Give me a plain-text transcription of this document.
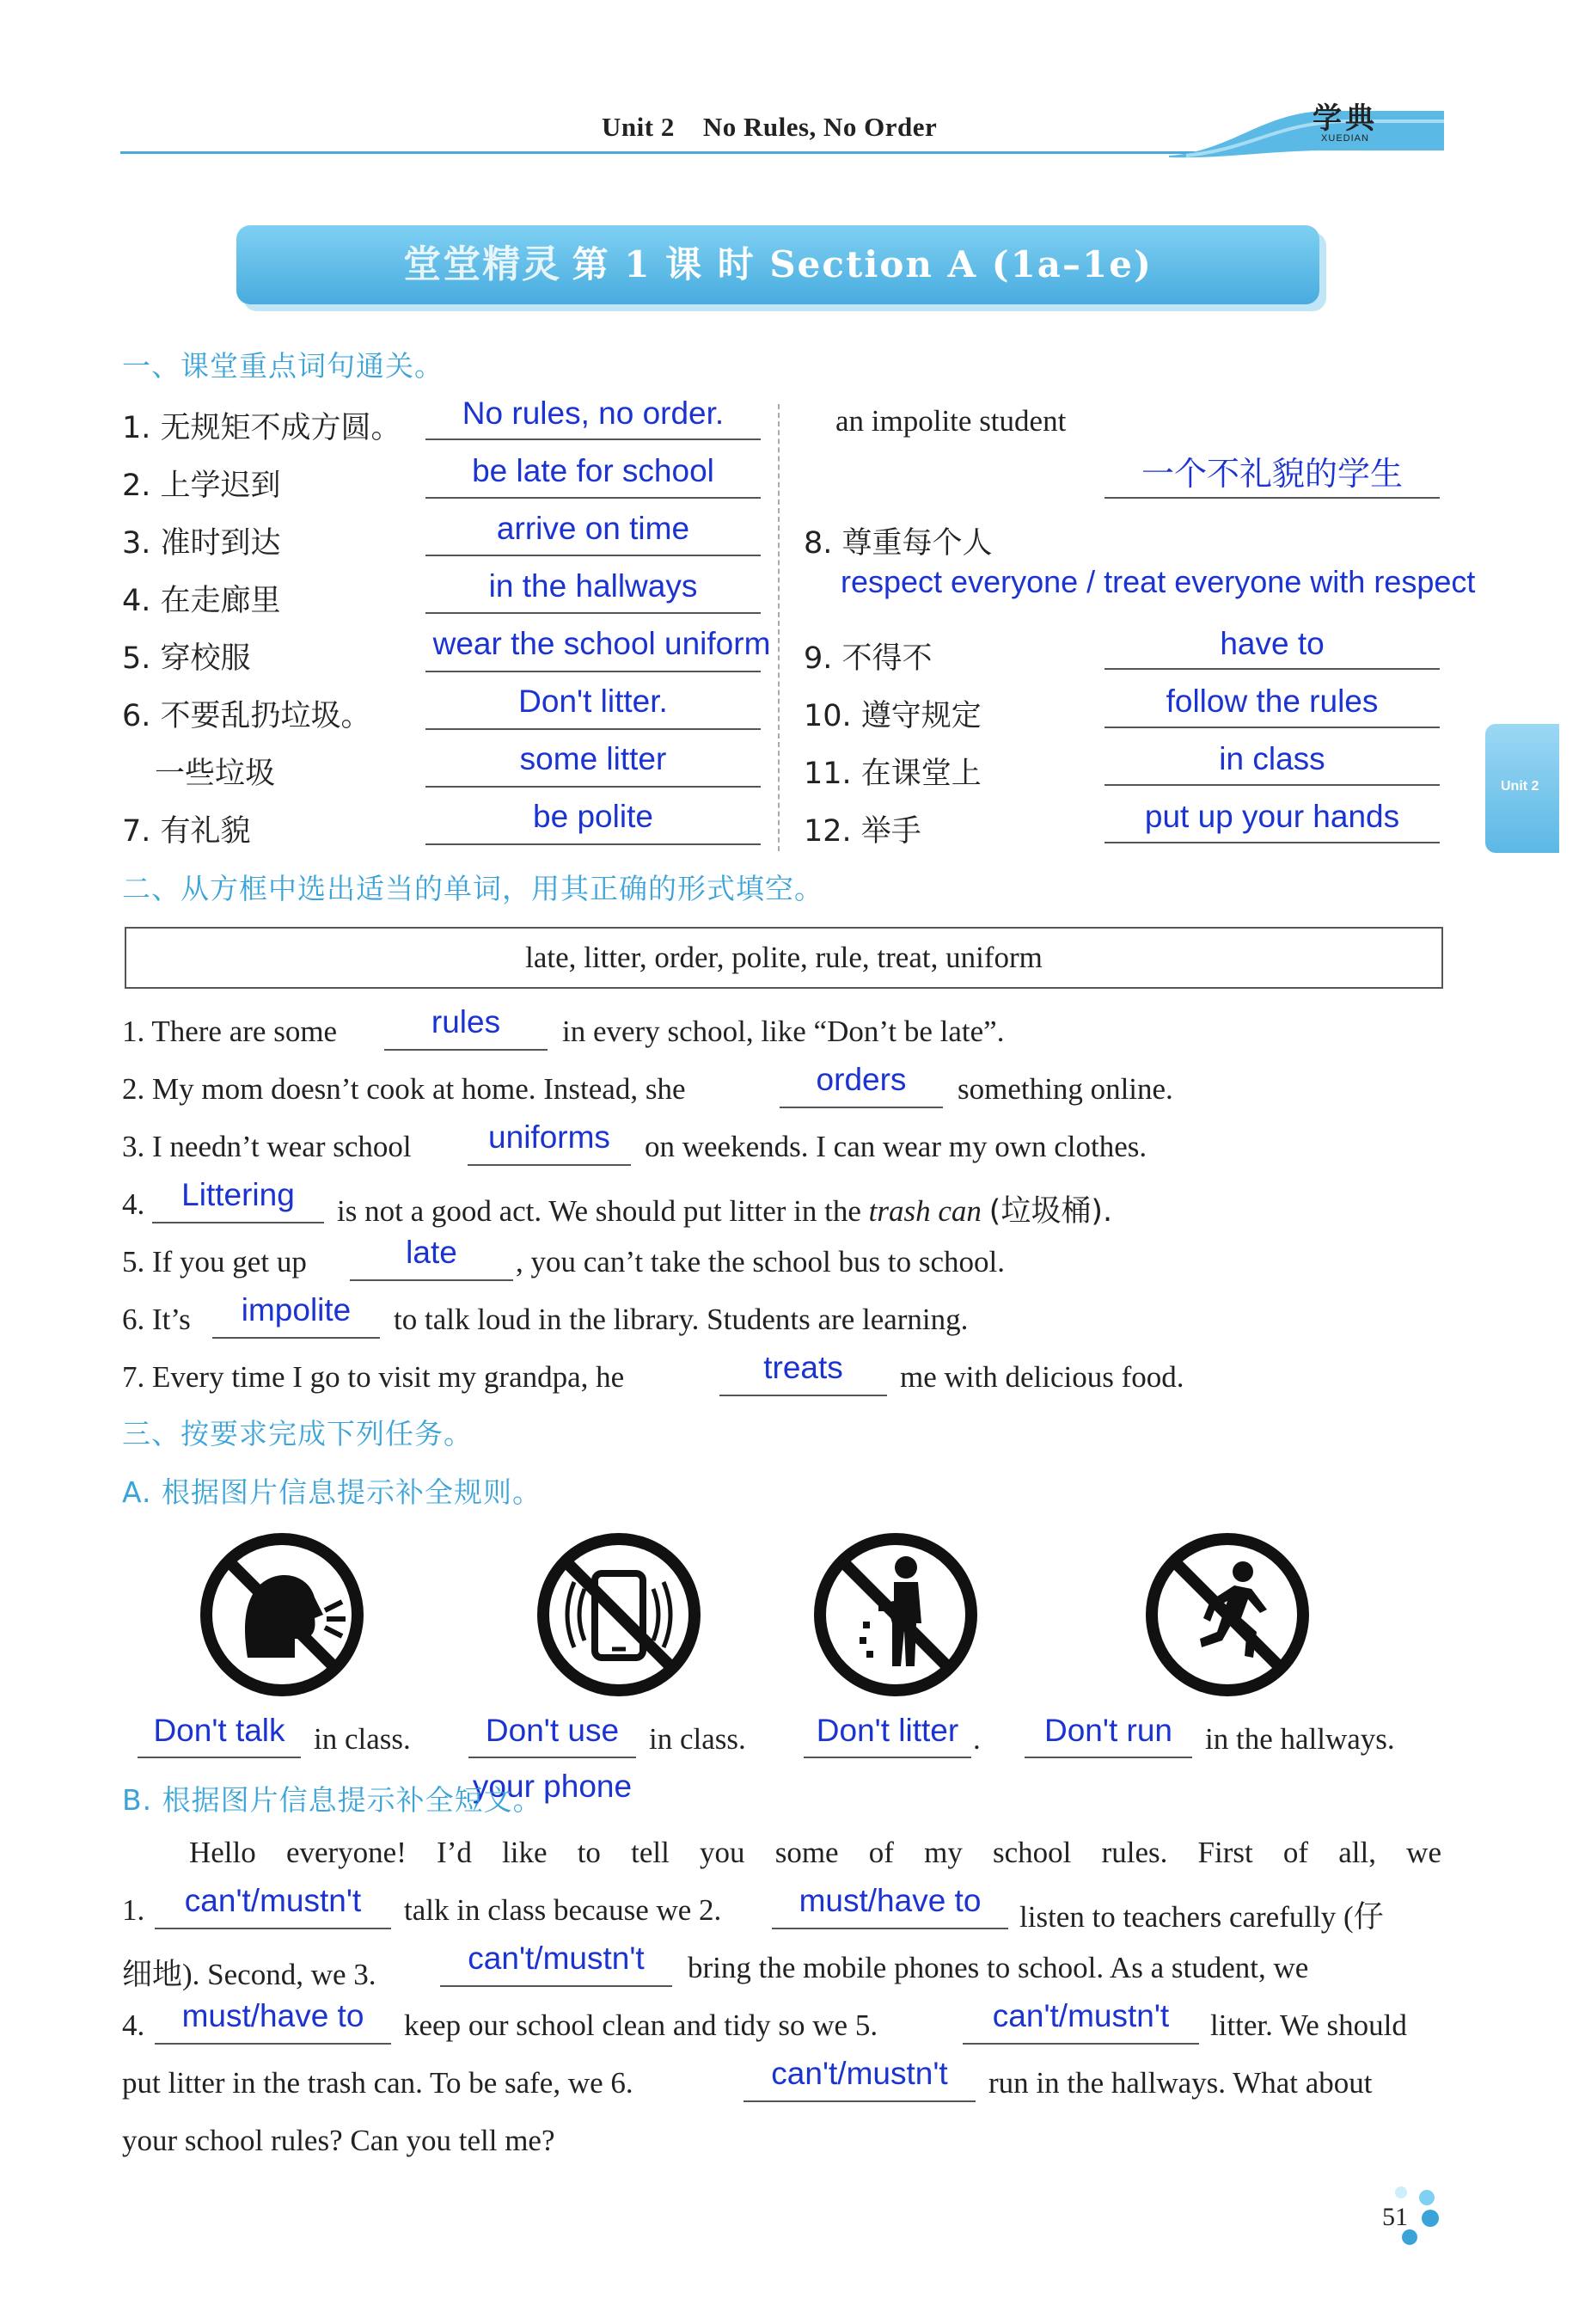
Unit 2    No Rules, No Order	学典
XUEDIAN
堂堂精灵 第 1 课 时 Section A (1a–1e)
Unit 2
一、课堂重点词句通关。
1. 无规矩不成方圆。	No rules, no order.
2. 上学迟到	be late for school
3. 准时到达	arrive on time
4. 在走廊里	in the hallways
5. 穿校服	wear the school uniform
6. 不要乱扔垃圾。	Don't litter.
一些垃圾	some litter
7. 有礼貌	be polite
an impolite student
一个不礼貌的学生
8. 尊重每个人
respect everyone / treat everyone with respect
9. 不得不	have to
10. 遵守规定	follow the rules
11. 在课堂上	in class
12. 举手	put up your hands
二、从方框中选出适当的单词，用其正确的形式填空。
late, litter, order, polite, rule, treat, uniform
1. There are some	rules	in every school, like “Don’t be late”.
2. My mom doesn’t cook at home. Instead, she	orders	something online.
3. I needn’t wear school	uniforms	on weekends. I can wear my own clothes.
4.	Littering	is not a good act. We should put litter in the trash can (垃圾桶).
5. If you get up	late	, you can’t take the school bus to school.
6. It’s	impolite	to talk loud in the library. Students are learning.
7. Every time I go to visit my grandpa, he	treats	me with delicious food.
三、按要求完成下列任务。
A. 根据图片信息提示补全规则。
Don't talk in class.	Don't use in class.
your phone
Don't litter .	Don't run	in the hallways.
B. 根据图片信息提示补全短文。
Hello everyone! I’d like to tell you some of my school rules. First of all, we
1.	can't/mustn't	talk in class because we 2.	must/have to	listen to teachers carefully (仔
细地). Second, we 3.	can't/mustn't	bring the mobile phones to school. As a student, we
4.	must/have to	keep our school clean and tidy so we 5.	can't/mustn't	litter. We should
put litter in the trash can. To be safe, we 6.	can't/mustn't	run in the hallways. What about
your school rules? Can you tell me?
51
